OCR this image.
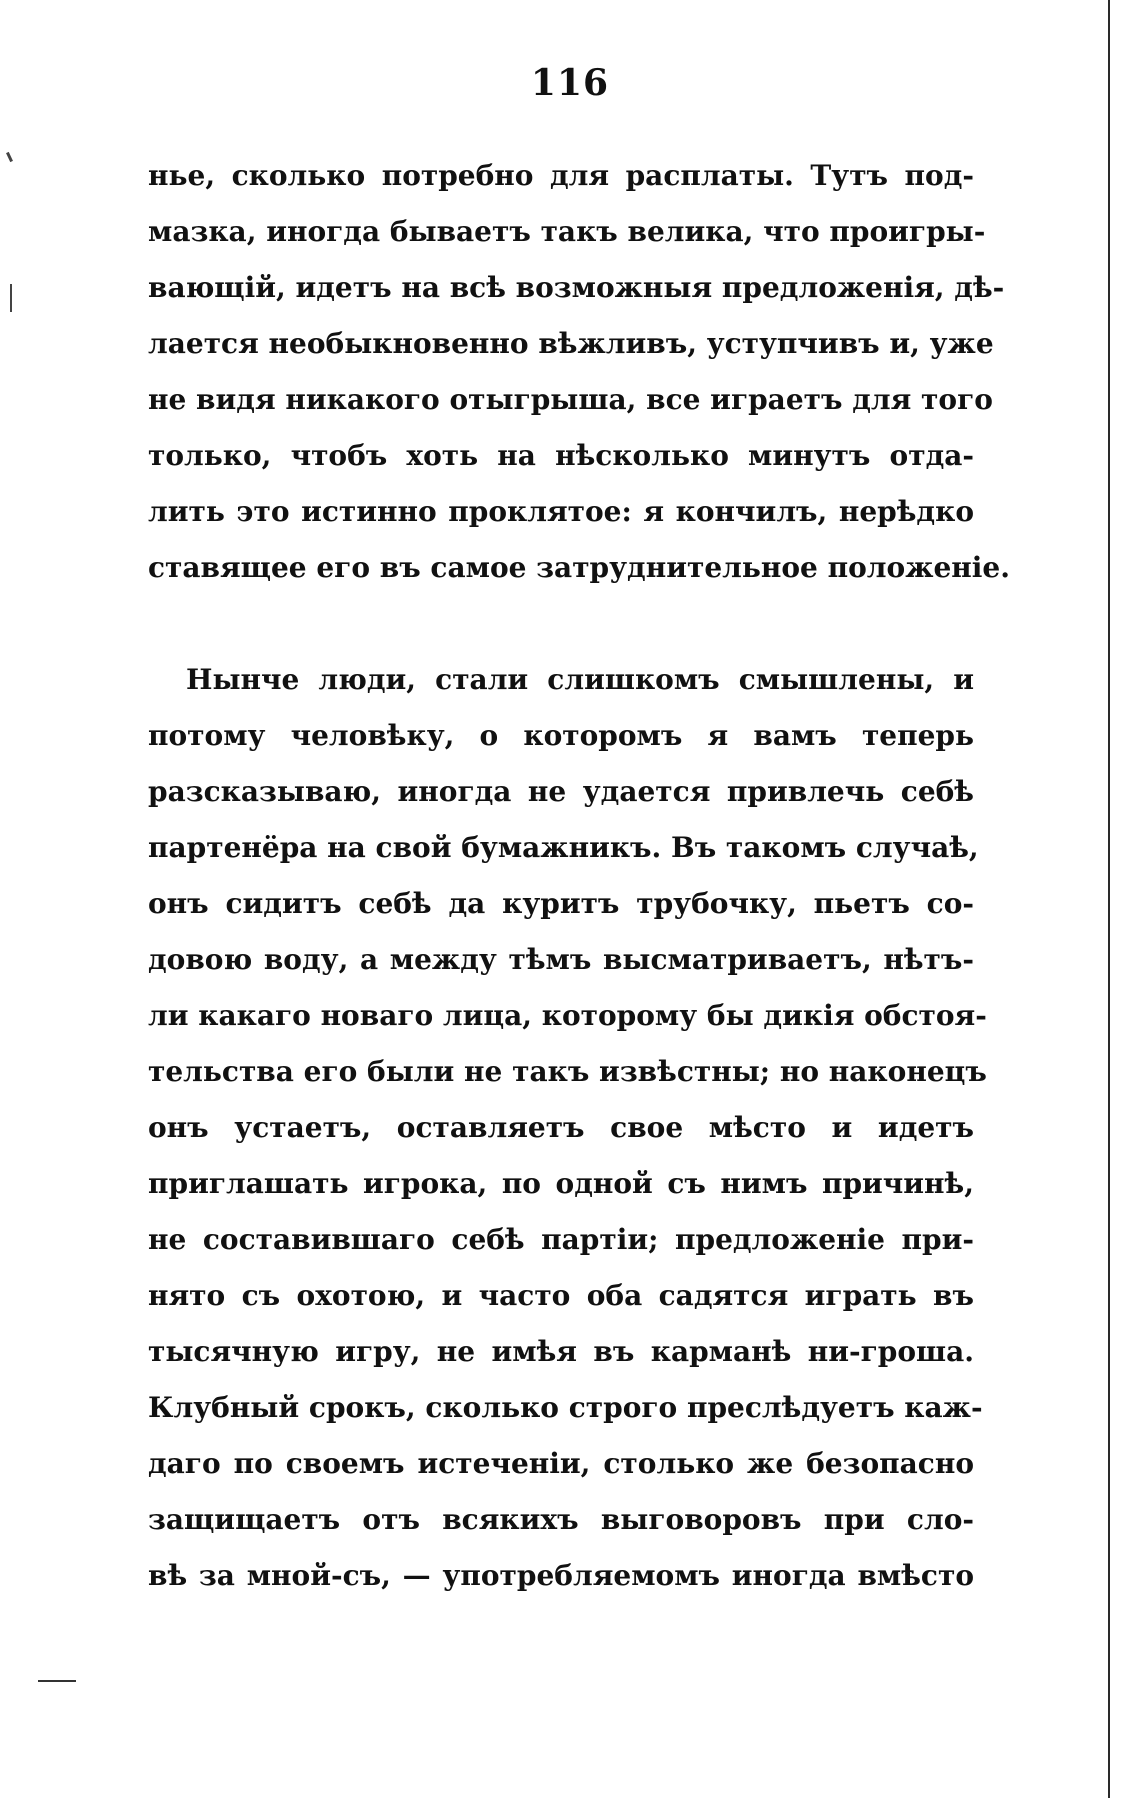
116
нье, сколько потребно для расплаты. Тутъ под-
мазка, иногда бываетъ такъ велика, что проигры-
вающій, идетъ на всѣ возможныя предложенія, дѣ-
лается необыкновенно вѣжливъ, уступчивъ и, уже
не видя никакого отыгрыша, все играетъ для того
только, чтобъ хоть на нѣсколько минутъ отда-
лить это истинно проклятое: я кончилъ, нерѣдко
ставящее его въ самое затруднительное положеніе.
Нынче люди, стали слишкомъ смышлены, и
потому человѣку, о которомъ я вамъ теперь
разсказываю, иногда не удается привлечь себѣ
партенёра на свой бумажникъ. Въ такомъ случаѣ,
онъ сидитъ себѣ да куритъ трубочку, пьетъ со-
довою воду, а между тѣмъ высматриваетъ, нѣтъ-
ли какаго новаго лица, которому бы дикія обстоя-
тельства его были не такъ извѣстны; но наконецъ
онъ устаетъ, оставляетъ свое мѣсто и идетъ
приглашать игрока, по одной съ нимъ причинѣ,
не составившаго себѣ партіи; предложеніе при-
нято съ охотою, и часто оба садятся играть въ
тысячную игру, не имѣя въ карманѣ ни-гроша.
Клубный срокъ, сколько строго преслѣдуетъ каж-
даго по своемъ истеченіи, столько же безопасно
защищаетъ отъ всякихъ выговоровъ при сло-
вѣ за мной-съ, — употребляемомъ иногда вмѣсто
